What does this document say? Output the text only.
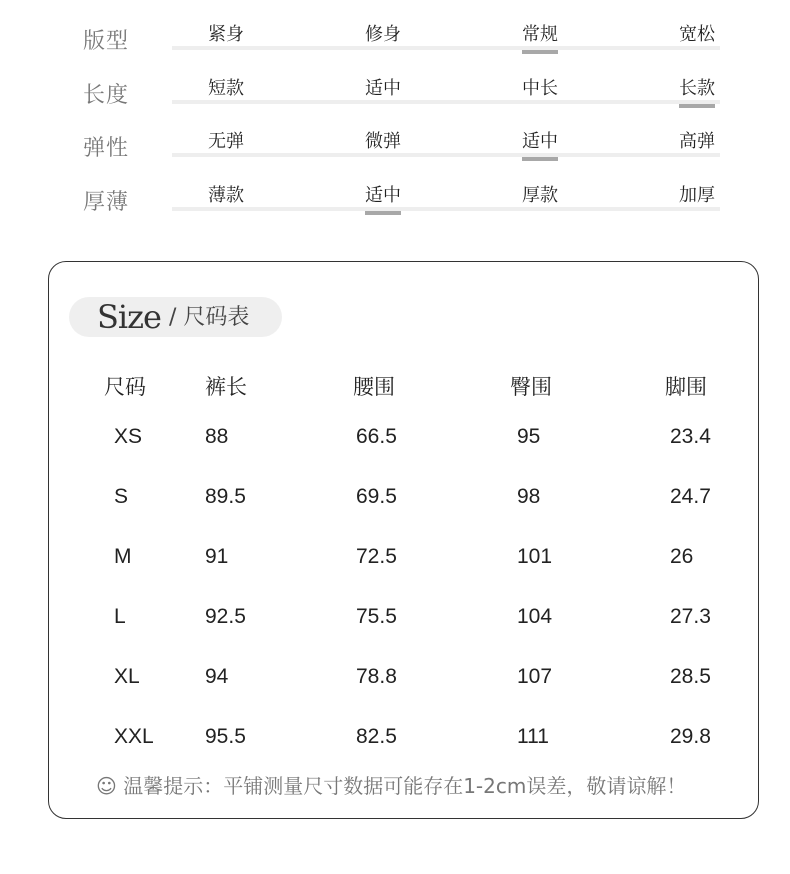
版型	紧身	修身	常规	宽松
长度	短款	适中	中长	长款
弹性	无弹	微弹	适中	高弹
厚薄	薄款	适中	厚款	加厚
Size / 尺码表
尺码	裤长	腰围	臀围	脚围
XS	88	66.5	95	23.4
S	89.5	69.5	98	24.7
M	91	72.5	101	26
L	92.5	75.5	104	27.3
XL	94	78.8	107	28.5
XXL 95.5	82.5	111	29.8
☺ 温馨提示：平铺测量尺寸数据可能存在1-2cm误差，敬请谅解！
